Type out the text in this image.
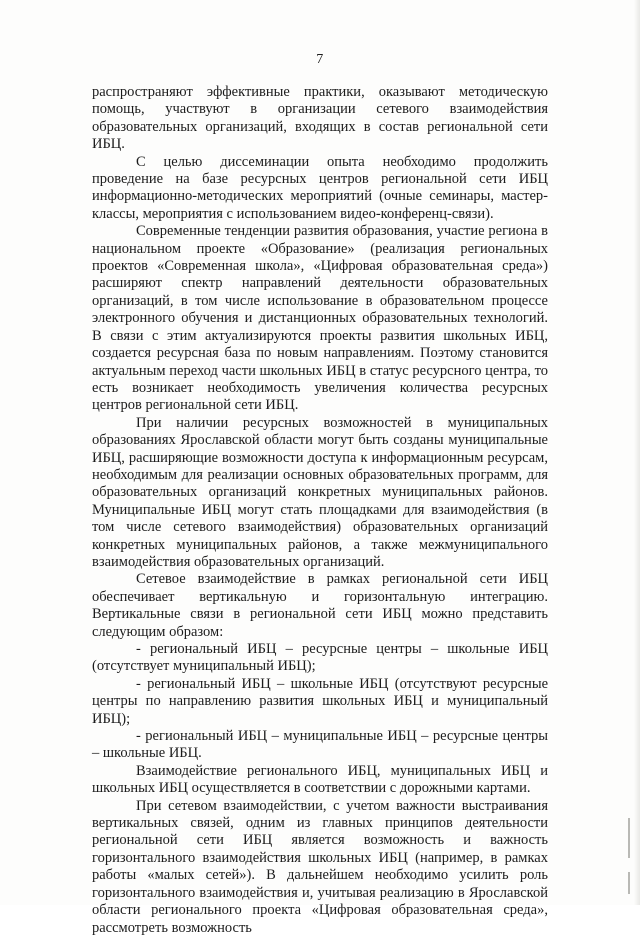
7

распространяют эффективные практики, оказывают методическую помощь, участвуют в организации сетевого взаимодействия образовательных организаций, входящих в состав региональной сети ИБЦ.

С целью диссеминации опыта необходимо продолжить проведение на базе ресурсных центров региональной сети ИБЦ информационно-методических мероприятий (очные семинары, мастер-классы, мероприятия с использованием видео-конференц-связи).

Современные тенденции развития образования, участие региона в национальном проекте «Образование» (реализация региональных проектов «Современная школа», «Цифровая образовательная среда») расширяют спектр направлений деятельности образовательных организаций, в том числе использование в образовательном процессе электронного обучения и дистанционных образовательных технологий. В связи с этим актуализируются проекты развития школьных ИБЦ, создается ресурсная база по новым направлениям. Поэтому становится актуальным переход части школьных ИБЦ в статус ресурсного центра, то есть возникает необходимость увеличения количества ресурсных центров региональной сети ИБЦ.

При наличии ресурсных возможностей в муниципальных образованиях Ярославской области могут быть созданы муниципальные ИБЦ, расширяющие возможности доступа к информационным ресурсам, необходимым для реализации основных образовательных программ, для образовательных организаций конкретных муниципальных районов. Муниципальные ИБЦ могут стать площадками для взаимодействия (в том числе сетевого взаимодействия) образовательных организаций конкретных муниципальных районов, а также межмуниципального взаимодействия образовательных организаций.

Сетевое взаимодействие в рамках региональной сети ИБЦ обеспечивает вертикальную и горизонтальную интеграцию. Вертикальные связи в региональной сети ИБЦ можно представить следующим образом:

- региональный ИБЦ – ресурсные центры – школьные ИБЦ (отсутствует муниципальный ИБЦ);

- региональный ИБЦ – школьные ИБЦ (отсутствуют ресурсные центры по направлению развития школьных ИБЦ и муниципальный ИБЦ);

- региональный ИБЦ – муниципальные ИБЦ – ресурсные центры – школьные ИБЦ.

Взаимодействие регионального ИБЦ, муниципальных ИБЦ и школьных ИБЦ осуществляется в соответствии с дорожными картами.

При сетевом взаимодействии, с учетом важности выстраивания вертикальных связей, одним из главных принципов деятельности региональной сети ИБЦ является возможность и важность горизонтального взаимодействия школьных ИБЦ (например, в рамках работы «малых сетей»). В дальнейшем необходимо усилить роль горизонтального взаимодействия и, учитывая реализацию в Ярославской области регионального проекта «Цифровая образовательная среда», рассмотреть возможность
